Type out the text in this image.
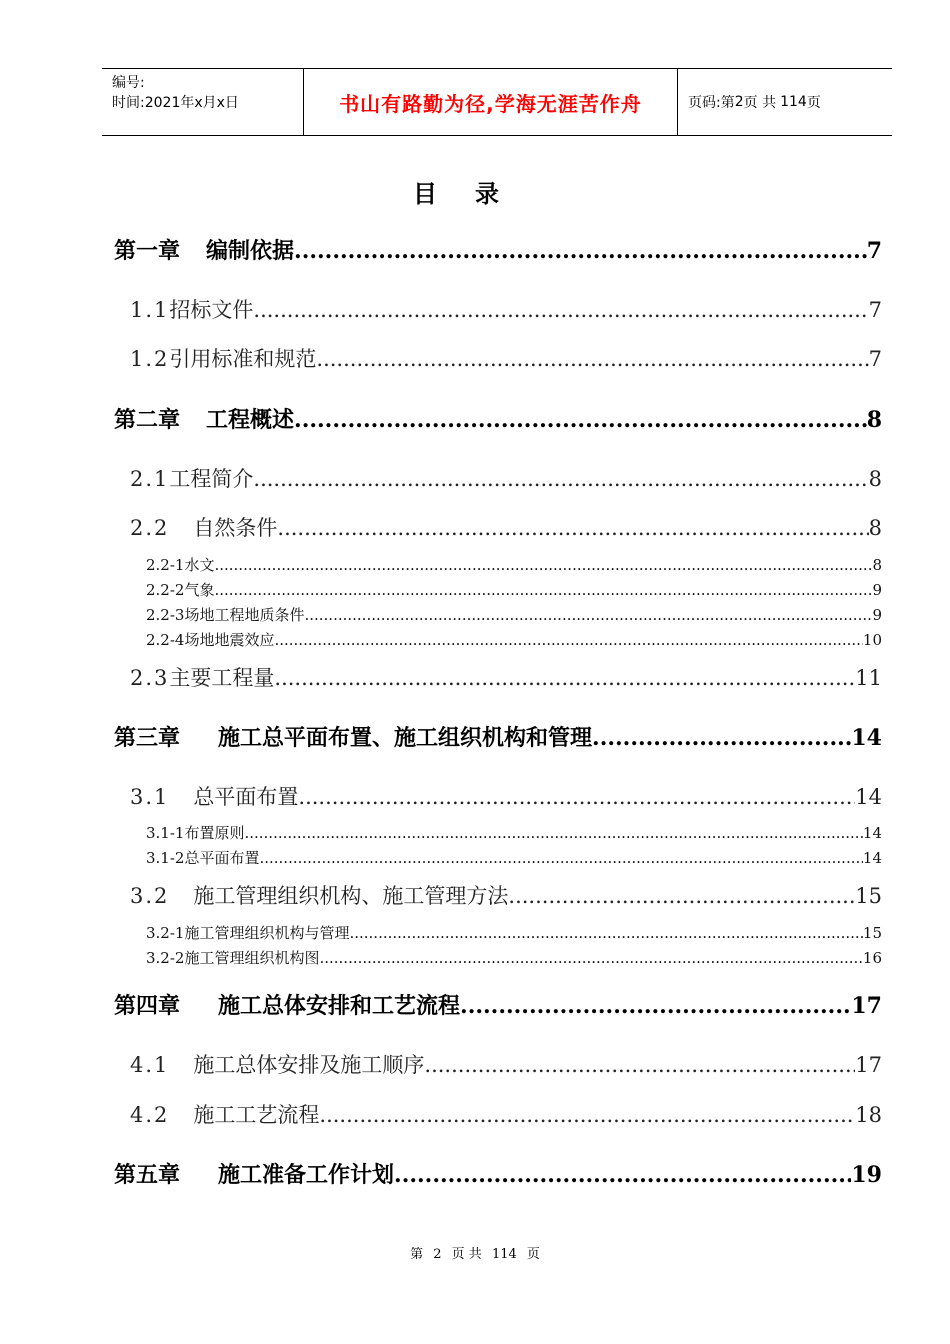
编号:
时间:2021年x月x日	书山有路勤为径,学海无涯苦作舟	页码:第 2 页 共 114 页
目录
第一章 编制依据 .....	7
1.1招标文件 .....	7
1.2引用标准和规范 .....	7
第二章 工程概述 .....	8
2.1工程简介 .....	8
2.2 自然条件 .....	8
2.2-1水文 .....	8
2.2-2气象 .....	9
2.2-3场地工程地质条件 .....	9
2.2-4场地地震效应 .....	10
2.3主要工程量 .....	11
第三章 施工总平面布置、施工组织机构和管理 .....	14
3.1 总平面布置 .....	14
3.1-1布置原则 .....	14
3.1-2总平面布置 .....	14
3.2 施工管理组织机构、施工管理方法 .....	15
3.2-1施工管理组织机构与管理 .....	15
3.2-2施工管理组织机构图 .....	16
第四章 施工总体安排和工艺流程 .....	17
4.1 施工总体安排及施工顺序 .....	17
4.2 施工工艺流程 .....	18
第五章 施工准备工作计划 .....	19
第 2 页 共 114 页
